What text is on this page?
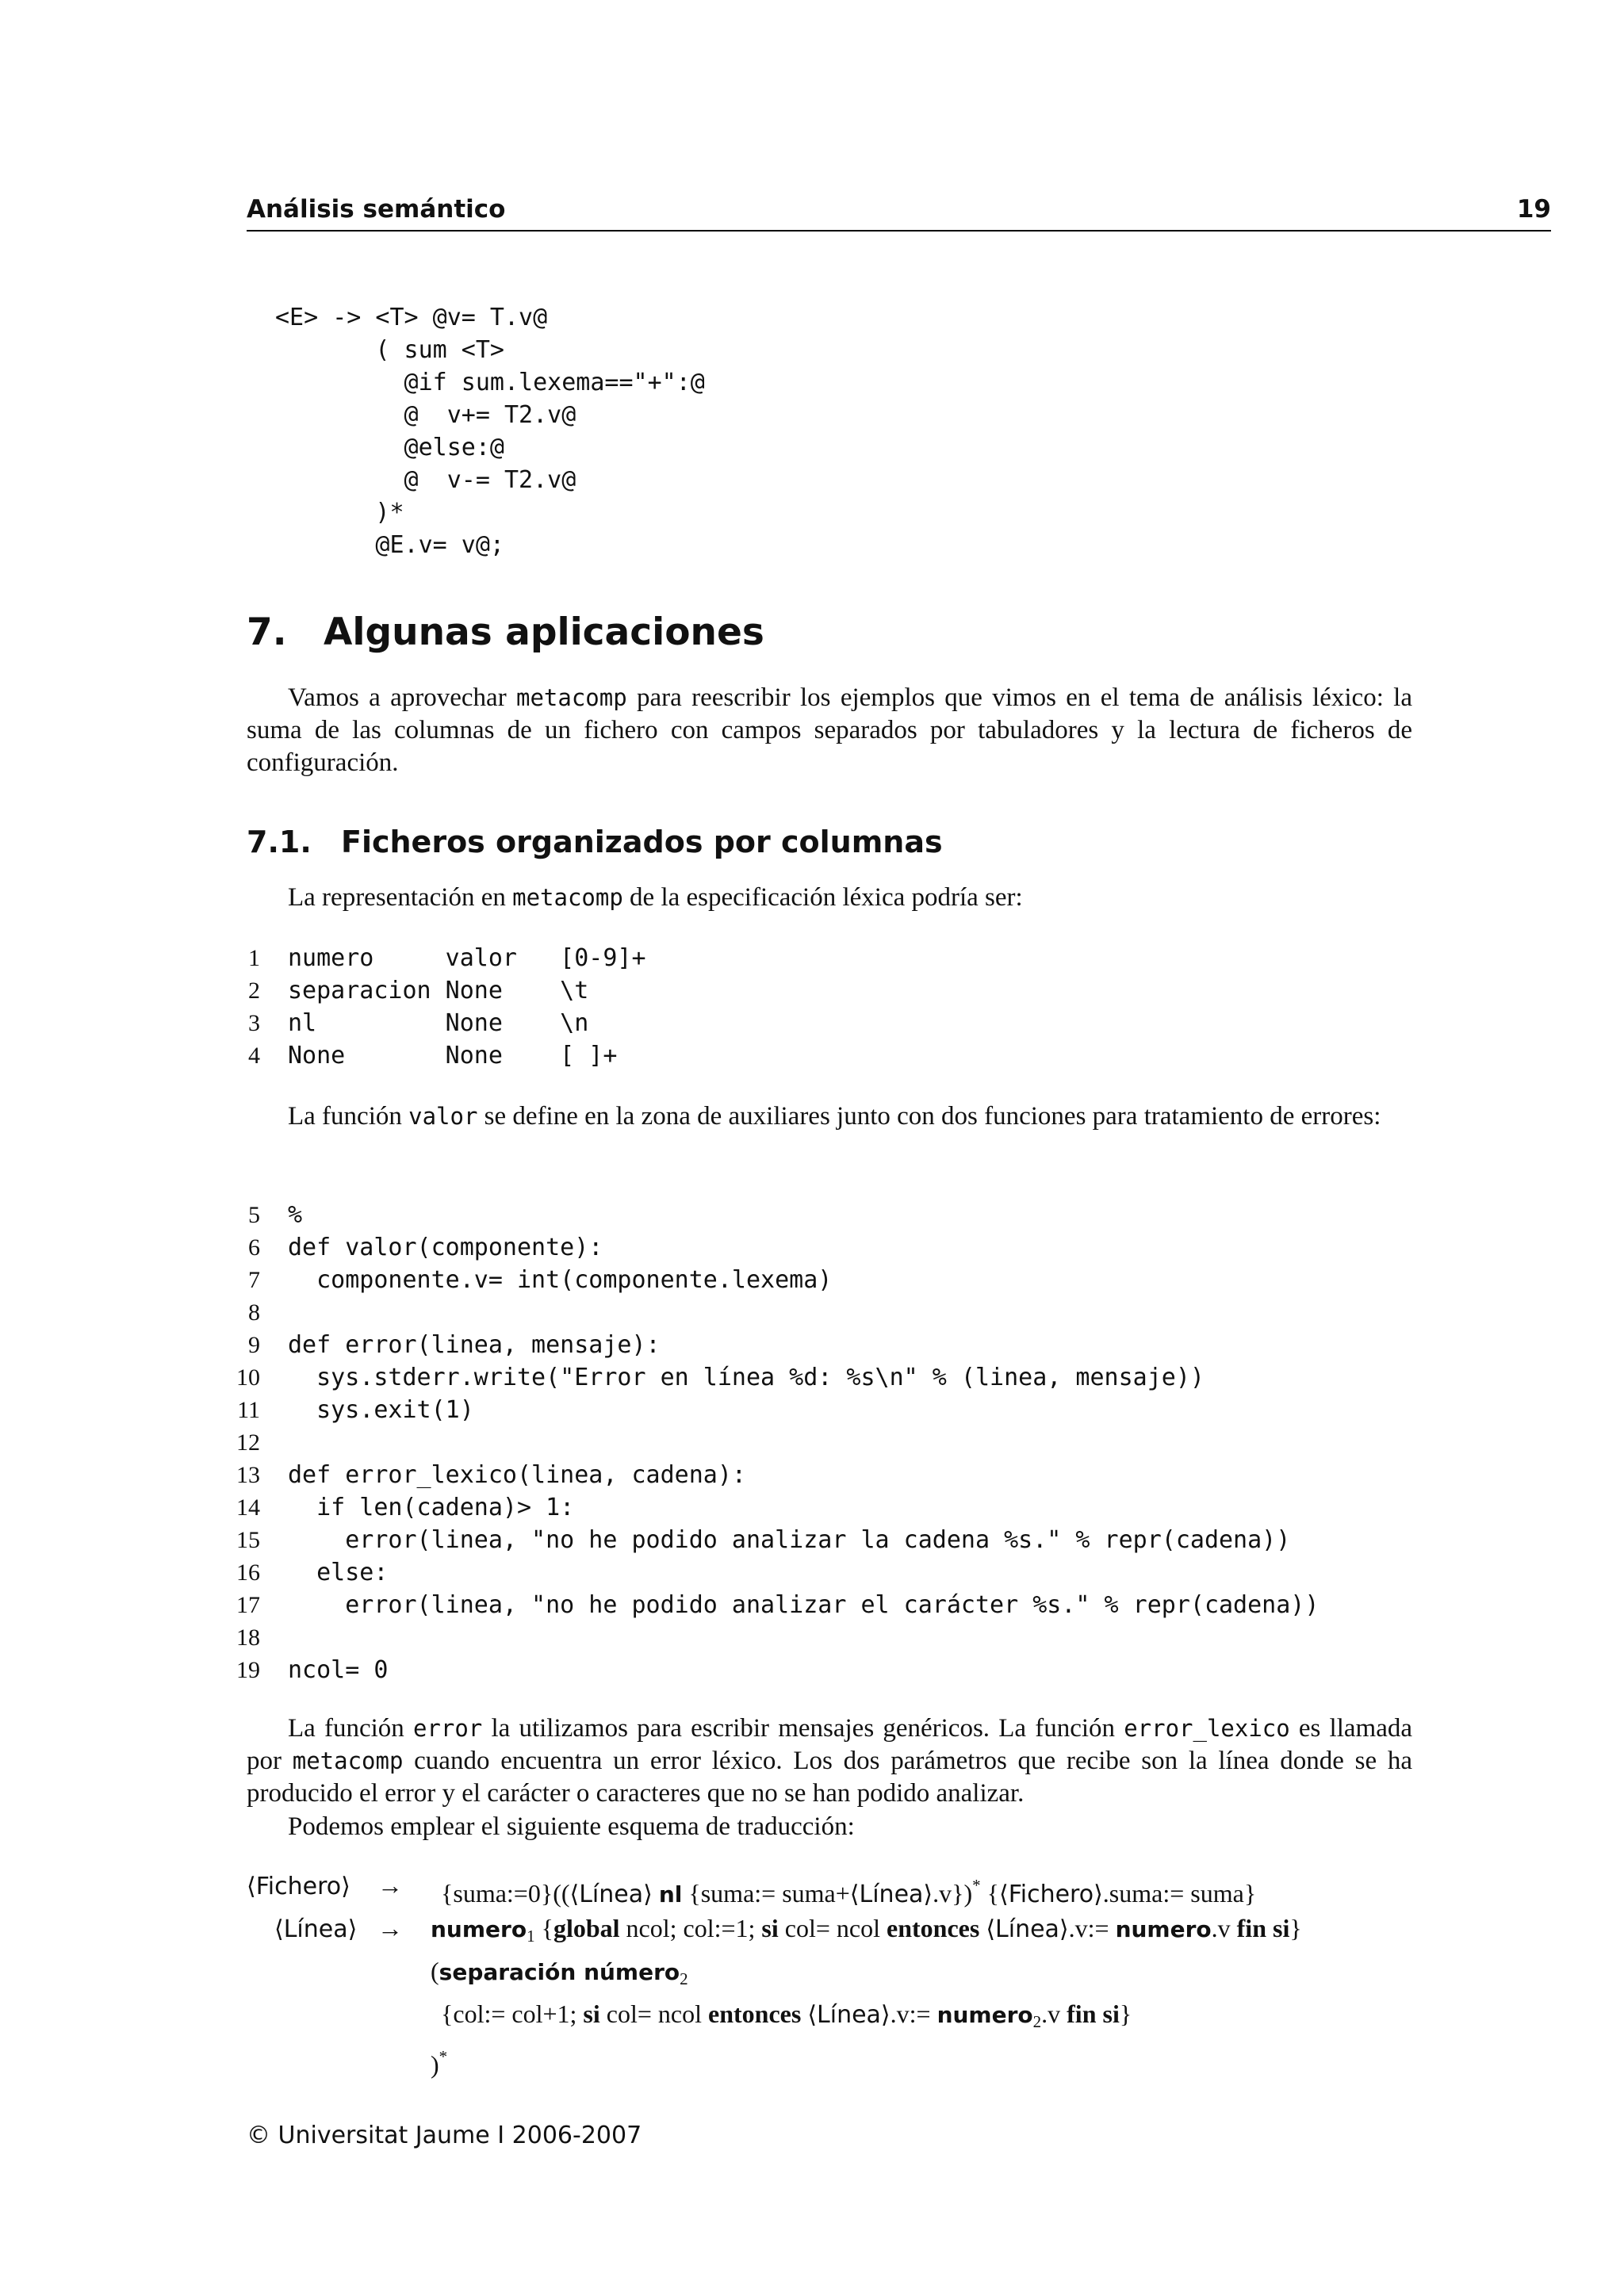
Análisis semántico	19
<E> -> <T> @v= T.v@
( sum <T>
@if sum.lexema=="+":@
@  v+= T2.v@
@else:@
@  v-= T2.v@
)*
@E.v= v@;
7. Algunas aplicaciones

Vamos a aprovechar metacomp para reescribir los ejemplos que vimos en el tema de análisis léxico: la suma de las columnas de un fichero con campos separados por tabuladores y la lectura de ficheros de configuración.

7.1. Ficheros organizados por columnas

La representación en metacomp de la especificación léxica podría ser:

1 numero     valor   [0-9]+
2 separacion None    \t
3 nl         None    \n
4 None       None    [ ]+

La función valor se define en la zona de auxiliares junto con dos funciones para tratamiento de errores:

5 %
6 def valor(componente):
7 componente.v= int(componente.lexema)
8
9 def error(linea, mensaje):
10 sys.stderr.write("Error en línea %d: %s\n" % (linea, mensaje))
11 sys.exit(1)
12
13 def error_lexico(linea, cadena):
14 if len(cadena)> 1:
15 error(linea, "no he podido analizar la cadena %s." % repr(cadena))
16 else:
17 error(linea, "no he podido analizar el carácter %s." % repr(cadena))
18
19 ncol= 0

La función error la utilizamos para escribir mensajes genéricos. La función error_lexico es llamada por metacomp cuando encuentra un error léxico. Los dos parámetros que recibe son la línea donde se ha producido el error y el carácter o caracteres que no se han podido analizar.

Podemos emplear el siguiente esquema de traducción:

⟨Fichero⟩ → {suma:=0}((⟨Línea⟩ nl {suma:= suma+⟨Línea⟩.v})* {⟨Fichero⟩.suma:= suma}
⟨Línea⟩ → numero$_1$ {global ncol; col:=1; si col= ncol entonces ⟨Línea⟩.v:= numero.v fin si}
(separación número$_2$
{col:= col+1; si col= ncol entonces ⟨Línea⟩.v:= numero$_2$.v fin si}
)*
© Universitat Jaume I 2006-2007
